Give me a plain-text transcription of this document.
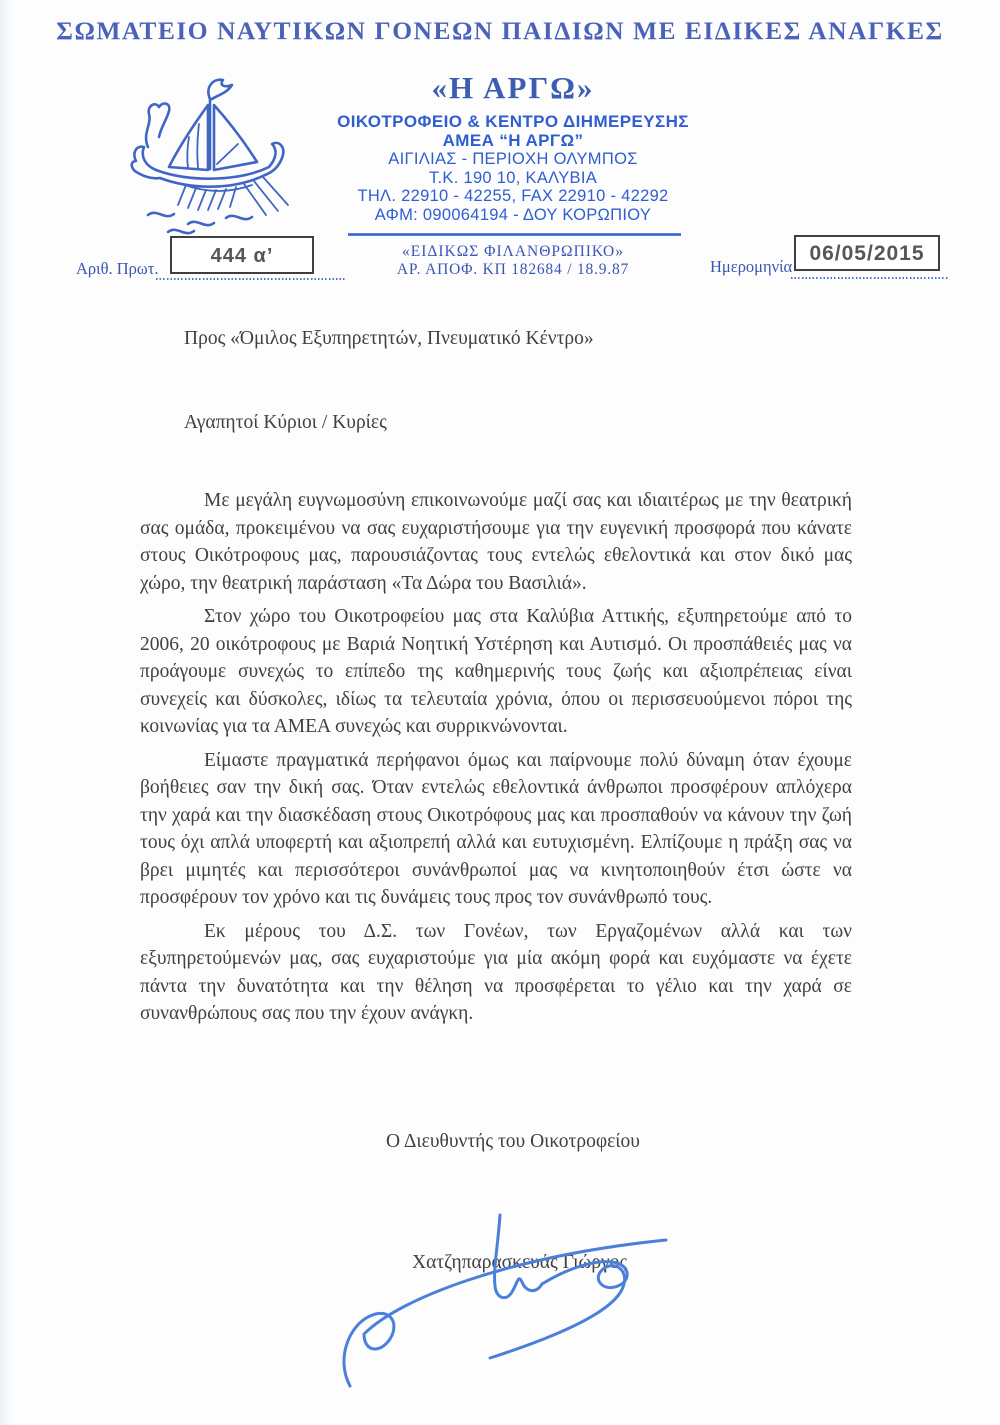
ΣΩΜΑΤΕΙΟ ΝΑΥΤΙΚΩΝ ΓΟΝΕΩΝ ΠΑΙΔΙΩΝ ΜΕ ΕΙΔΙΚΕΣ ΑΝΑΓΚΕΣ
«Η ΑΡΓΩ»
ΟΙΚΟΤΡΟΦΕΙΟ & ΚΕΝΤΡΟ ΔΙΗΜΕΡΕΥΣΗΣ
ΑΜΕΑ “Η ΑΡΓΩ”
ΑΙΓΙΛΙΑΣ - ΠΕΡΙΟΧΗ ΟΛΥΜΠΟΣ
Τ.Κ. 190 10, ΚΑΛΥΒΙΑ
ΤΗΛ. 22910 - 42255, FAX 22910 - 42292
ΑΦΜ: 090064194 - ΔΟΥ ΚΟΡΩΠΙΟΥ
«ΕΙΔΙΚΩΣ ΦΙΛΑΝΘΡΩΠΙΚΟ»
ΑΡ. ΑΠΟΦ. ΚΠ 182684 / 18.9.87
Αριθ. Πρωτ.
444 α’	Ημερομηνία
06/05/2015

Προς «Όμιλος Εξυπηρετητών, Πνευματικό Κέντρο»

Αγαπητοί Κύριοι / Κυρίες

Με μεγάλη ευγνωμοσύνη επικοινωνούμε μαζί σας και ιδιαιτέρως με την θεατρική σας ομάδα, προκειμένου να σας ευχαριστήσουμε για την ευγενική προσφορά που κάνατε στους Οικότροφους μας, παρουσιάζοντας τους εντελώς εθελοντικά και στον δικό μας χώρο, την θεατρική παράσταση «Τα Δώρα του Βασιλιά».

Στον χώρο του Οικοτροφείου μας στα Καλύβια Αττικής, εξυπηρετούμε από το 2006, 20 οικότροφους με Βαριά Νοητική Υστέρηση και Αυτισμό. Οι προσπάθειές μας να προάγουμε συνεχώς το επίπεδο της καθημερινής τους ζωής και αξιοπρέπειας είναι συνεχείς και δύσκολες, ιδίως τα τελευταία χρόνια, όπου οι περισσευούμενοι πόροι της κοινωνίας για τα ΑΜΕΑ συνεχώς και συρρικνώνονται.

Είμαστε πραγματικά περήφανοι όμως και παίρνουμε πολύ δύναμη όταν έχουμε βοήθειες σαν την δική σας. Όταν εντελώς εθελοντικά άνθρωποι προσφέρουν απλόχερα την χαρά και την διασκέδαση στους Οικοτρόφους μας και προσπαθούν να κάνουν την ζωή τους όχι απλά υποφερτή και αξιοπρεπή αλλά και ευτυχισμένη. Ελπίζουμε η πράξη σας να βρει μιμητές και περισσότεροι συνάνθρωποί μας να κινητοποιηθούν έτσι ώστε να προσφέρουν τον χρόνο και τις δυνάμεις τους προς τον συνάνθρωπό τους.

Εκ μέρους του Δ.Σ. των Γονέων, των Εργαζομένων αλλά και των εξυπηρετούμενών μας, σας ευχαριστούμε για μία ακόμη φορά και ευχόμαστε να έχετε πάντα την δυνατότητα και την θέληση να προσφέρεται το γέλιο και την χαρά σε συνανθρώπους σας που την έχουν ανάγκη.

Ο Διευθυντής του Οικοτροφείου
Χατζηπαρασκευάς Γιώργος
